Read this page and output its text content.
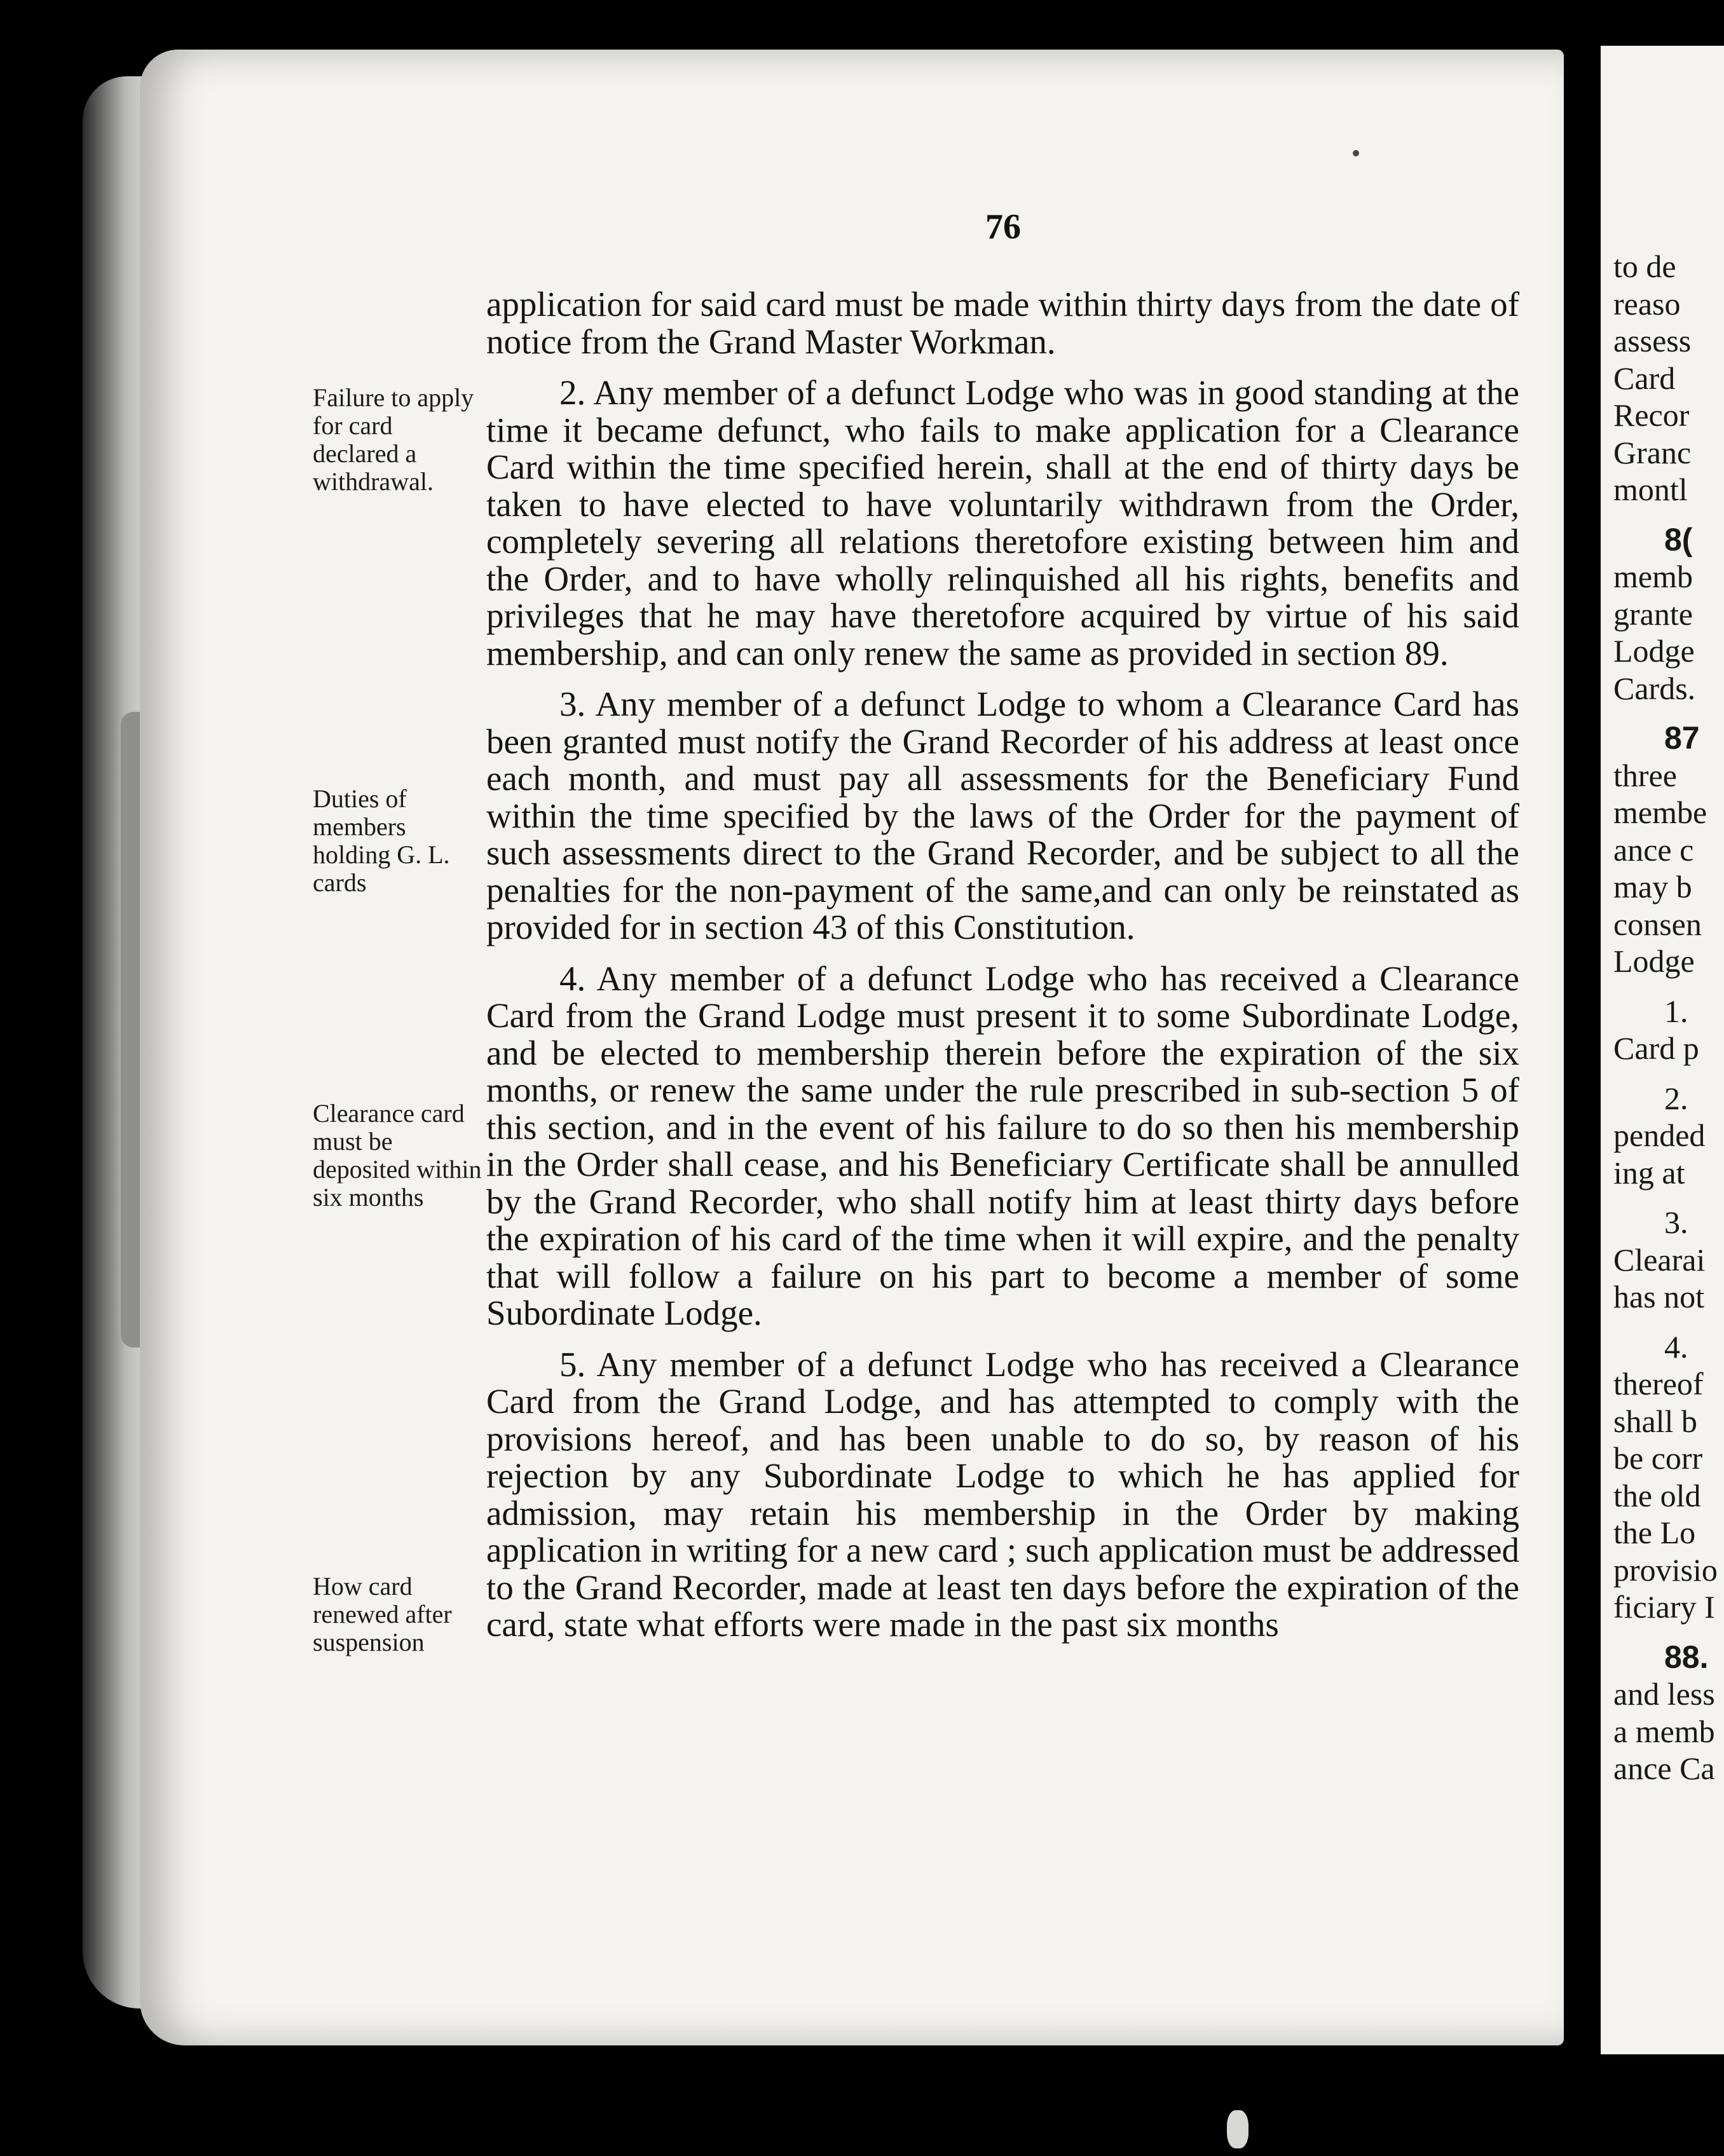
76
Failure to apply for card declared a withdrawal.
Duties of members holding G. L. cards
Clearance card must be deposited within six months
How card renewed after suspension

application for said card must be made within thirty days from the date of notice from the Grand Master Workman.

2. Any member of a defunct Lodge who was in good standing at the time it became defunct, who fails to make application for a Clearance Card within the time specified herein, shall at the end of thirty days be taken to have elected to have voluntarily withdrawn from the Order, completely severing all relations theretofore existing between him and the Order, and to have wholly relinquished all his rights, benefits and privileges that he may have theretofore acquired by virtue of his said membership, and can only renew the same as provided in section 89.

3. Any member of a defunct Lodge to whom a Clearance Card has been granted must notify the Grand Recorder of his address at least once each month, and must pay all assessments for the Beneficiary Fund within the time specified by the laws of the Order for the payment of such assessments direct to the Grand Recorder, and be subject to all the penalties for the non-payment of the same,and can only be reinstated as provided for in section 43 of this Constitution.

4. Any member of a defunct Lodge who has received a Clearance Card from the Grand Lodge must present it to some Subordinate Lodge, and be elected to membership therein before the expiration of the six months, or renew the same under the rule prescribed in sub-section 5 of this section, and in the event of his failure to do so then his membership in the Order shall cease, and his Beneficiary Certificate shall be annulled by the Grand Recorder, who shall notify him at least thirty days before the expiration of his card of the time when it will expire, and the penalty that will follow a failure on his part to become a member of some Subordinate Lodge.

5. Any member of a defunct Lodge who has received a Clearance Card from the Grand Lodge, and has attempted to comply with the provisions hereof, and has been unable to do so, by reason of his rejection by any Subordinate Lodge to which he has applied for admission, may retain his membership in the Order by making application in writing for a new card ; such application must be addressed to the Grand Recorder, made at least ten days before the expiration of the card, state what efforts were made in the past six months

to de
reaso
assess
Card
Recor
Granc
montl
8(
memb
grante
Lodge
Cards.
87
three
membe
ance c
may b
consen
Lodge
1.
Card p
2.
pended
ing at
3.
Clearai
has not
4.
thereof
shall b
be corr
the old
the Lo
provisio
ficiary I
88.
and less
a memb
ance Ca
